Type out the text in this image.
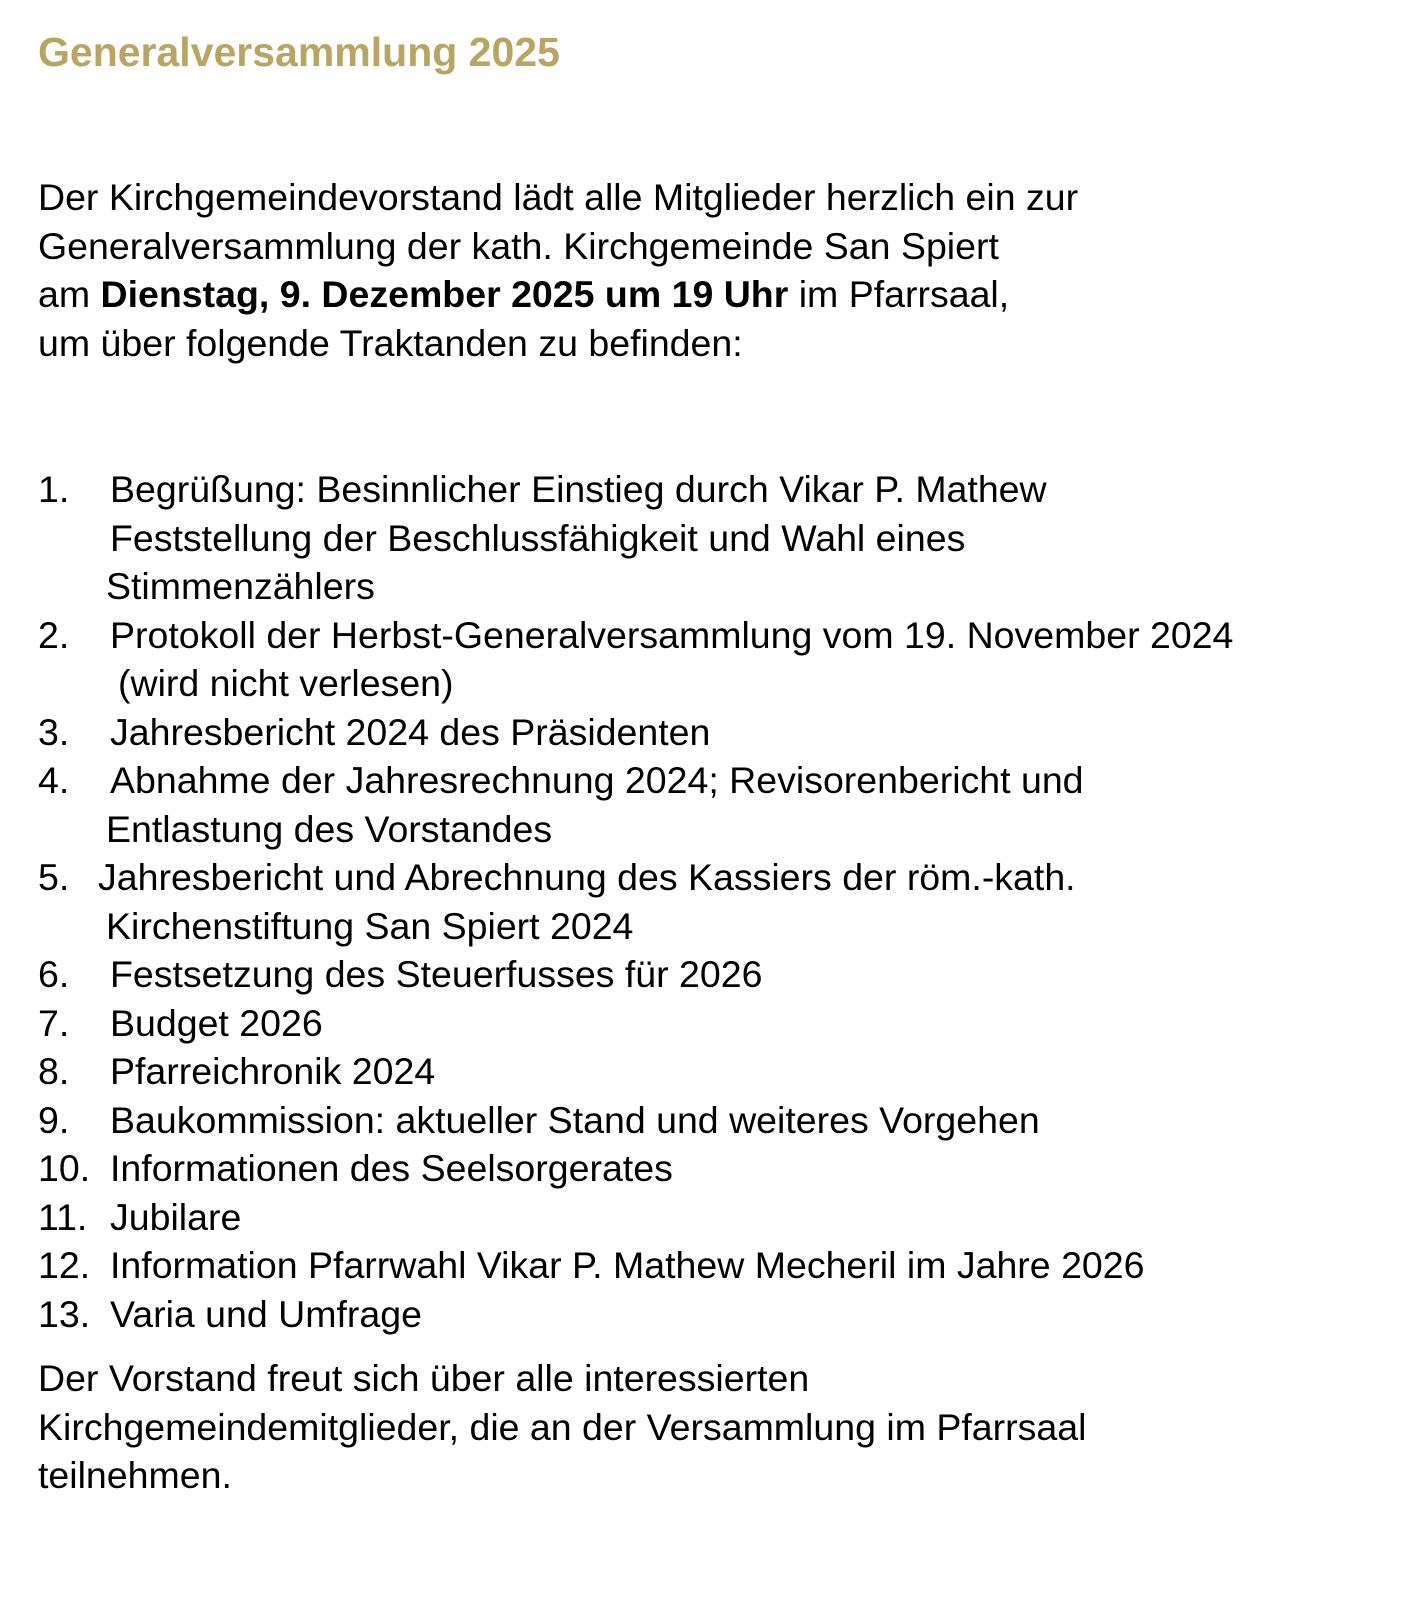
Generalversammlung 2025

Der Kirchgemeindevorstand lädt alle Mitglieder herzlich ein zur
Generalversammlung der kath. Kirchgemeinde San Spiert
am Dienstag, 9. Dezember 2025 um 19 Uhr im Pfarrsaal,
um über folgende Traktanden zu befinden:

1. Begrüßung: Besinnlicher Einstieg durch Vikar P. Mathew
Feststellung der Beschlussfähigkeit und Wahl eines
Stimmenzählers
2. Protokoll der Herbst-Generalversammlung vom 19. November 2024
(wird nicht verlesen)
3. Jahresbericht 2024 des Präsidenten
4. Abnahme der Jahresrechnung 2024; Revisorenbericht und
Entlastung des Vorstandes
5. Jahresbericht und Abrechnung des Kassiers der röm.-kath.
Kirchenstiftung San Spiert 2024
6. Festsetzung des Steuerfusses für 2026
7. Budget 2026
8. Pfarreichronik 2024
9. Baukommission: aktueller Stand und weiteres Vorgehen
10. Informationen des Seelsorgerates
11. Jubilare
12. Information Pfarrwahl Vikar P. Mathew Mecheril im Jahre 2026
13. Varia und Umfrage

Der Vorstand freut sich über alle interessierten
Kirchgemeindemitglieder, die an der Versammlung im Pfarrsaal
teilnehmen.
